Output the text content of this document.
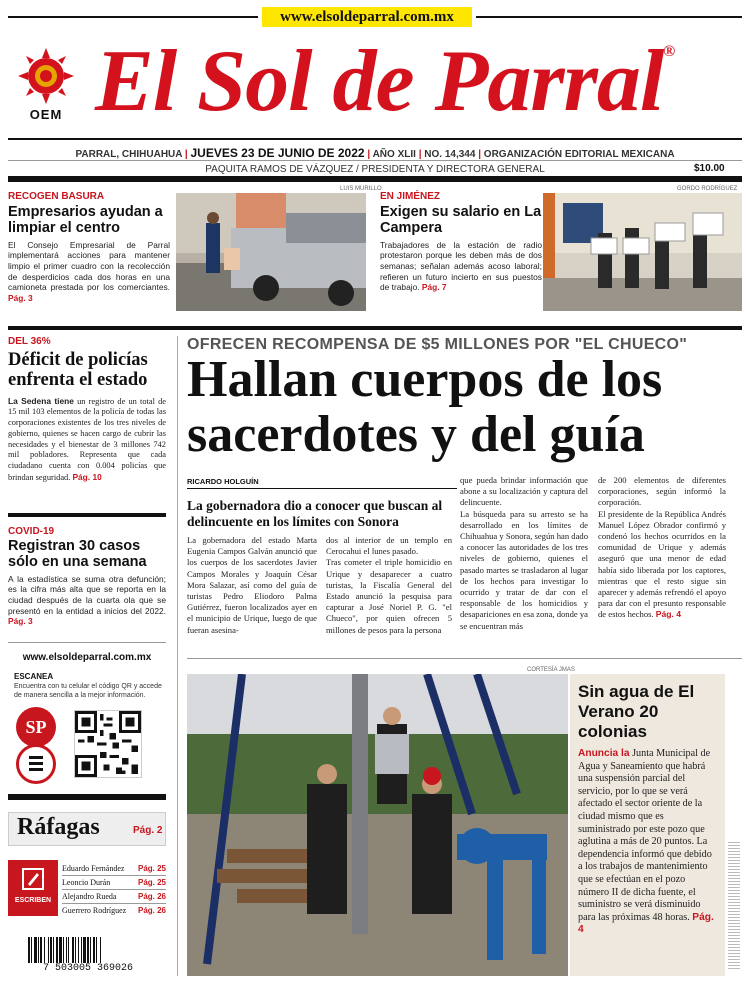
www.elsoldeparral.com.mx
OEM El Sol de Parral®
PARRAL, CHIHUAHUA | JUEVES 23 DE JUNIO DE 2022 | AÑO XLII | NO. 14,344 | ORGANIZACIÓN EDITORIAL MEXICANA
PAQUITA RAMOS DE VÁZQUEZ / PRESIDENTA Y DIRECTORA GENERAL	$10.00
RECOGEN BASURA
Empresarios ayudan a limpiar el centro
El Consejo Empresarial de Parral implementará acciones para mantener limpio el primer cuadro con la recolección de desperdicios cada dos horas en una camioneta prestada por los comerciantes. Pág. 3
LUIS MURILLO
EN JIMÉNEZ
Exigen su salario en La Campera
Trabajadores de la estación de radio protestaron porque les deben más de dos semanas; señalan además acoso laboral; refieren un futuro incierto en sus puestos de trabajo. Pág. 7
GORDO RODRÍGUEZ
DEL 36%
Déficit de policías enfrenta el estado
La Sedena tiene un registro de un total de 15 mil 103 elementos de la policía de todas las corporaciones existentes de los tres niveles de gobierno, quienes se hacen cargo de cubrir las necesidades y el bienestar de 3 millones 742 mil pobladores. Representa que cada ciudadano cuenta con 0.004 policías que brindan seguridad. Pág. 10
COVID-19
Registran 30 casos sólo en una semana
A la estadística se suma otra defunción; es la cifra más alta que se reporta en la ciudad después de la cuarta ola que se presentó en la entidad a inicios del 2022. Pág. 3
www.elsoldeparral.com.mx
ESCANEA
Encuentra con tu celular el código QR y accede de manera sencilla a la mejor información.
SP
Ráfagas	Pág. 2
ESCRIBEN
Eduardo Fernández Pág. 25
Leoncio Durán	Pág. 25
Alejandro Rueda	Pág. 26
Guerrero Rodríguez Pág. 26
7 503005 369026
OFRECEN RECOMPENSA DE $5 MILLONES POR "EL CHUECO"
Hallan cuerpos de los sacerdotes y del guía
RICARDO HOLGUÍN
La gobernadora dio a conocer que buscan al delincuente en los límites con Sonora
La gobernadora del estado Marta Eugenia Campos Galván anunció que los cuerpos de los sacerdotes Javier Campos Morales y Joaquín César Mora Salazar, así como del guía de turistas Pedro Eliodoro Palma Gutiérrez, fueron localizados ayer en el municipio de Urique, luego de que fueran asesina-
dos al interior de un templo en Cerocahui el lunes pasado.
Tras cometer el triple homicidio en Urique y desaparecer a cuatro turistas, la Fiscalía General del Estado anunció la pesquisa para capturar a José Noriel P. G. "el Chueco", por quien ofrecen 5 millones de pesos para la persona
que pueda brindar información que abone a su localización y captura del delincuente.
La búsqueda para su arresto se ha desarrollado en los límites de Chihuahua y Sonora, según han dado a conocer las autoridades de los tres niveles de gobierno, quienes el pasado martes se trasladaron al lugar de los hechos para investigar lo ocurrido y tratar de dar con el responsable de los homicidios y desapariciones en esa zona, donde ya se encuentran más
de 200 elementos de diferentes corporaciones, según informó la corporación.
El presidente de la República Andrés Manuel López Obrador confirmó y condenó los hechos ocurridos en la comunidad de Urique y además aseguró que una menor de edad había sido liberada por los captores, mientras que el resto sigue sin aparecer y además refrendó el apoyo para dar con el presunto responsable de estos hechos. Pág. 4
CORTESÍA JMAS
Sin agua de El Verano 20 colonias
Anuncia la Junta Municipal de Agua y Saneamiento que habrá una suspensión parcial del servicio, por lo que se verá afectado el sector oriente de la ciudad mismo que es suministrado por este pozo que aglutina a más de 20 puntos. La dependencia informó que debido a los trabajos de mantenimiento que se efectúan en el pozo número II de dicha fuente, el suministro se verá disminuido para las próximas 48 horas. Pág. 4
